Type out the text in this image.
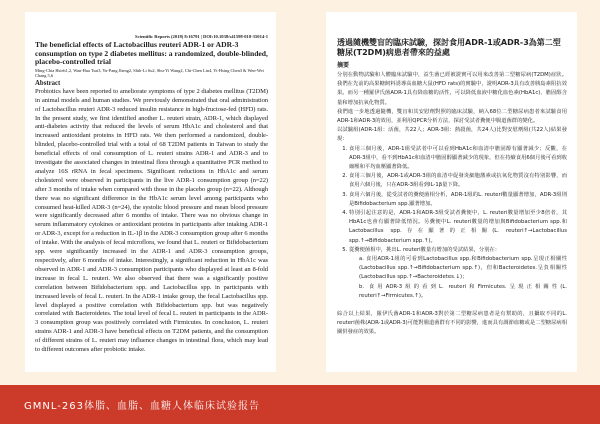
Scientific Reports (2018) 8:16791 | DOI:10.1038/s41598-018-35014-1
The beneficial effects of Lactobacillus reuteri ADR-1 or ADR-3 consumption on type 2 diabetes mellitus: a randomized, double-blinded, placebo-controlled trial
Ming-Chia Hsieh1,2, Wan-Hua Tsai3, Yu-Pang Jheng2, Shih-Li Su2, Shu-Yi Wang2, Chi-Chen Lin4, Yi-Hsing Chen3 & Wen-Wei Chang 5,6
Abstract
Probiotics have been reported to ameliorate symptoms of type 2 diabetes mellitus (T2DM) in animal models and human studies. We previously demonstrated that oral administration of Lactobacillus reuteri ADR-3 reduced insulin resistance in high-fructose-fed (HFD) rats. In the present study, we first identified another L. reuteri strain, ADR-1, which displayed anti-diabetes activity that reduced the levels of serum HbA1c and cholesterol and that increased antioxidant proteins in HFD rats. We then performed a randomized, double-blinded, placebo-controlled trial with a total of 68 T2DM patients in Taiwan to study the beneficial effects of oral consumption of L. reuteri strains ADR-1 and ADR-3 and to investigate the associated changes in intestinal flora through a quantitative PCR method to analyze 16S rRNA in fecal specimens. Significant reductions in HbA1c and serum cholesterol were observed in participants in the live ADR-1 consumption group (n=22) after 3 months of intake when compared with those in the placebo group (n=22). Although there was no significant difference in the HbA1c serum level among participants who consumed heat-killed ADR-3 (n=24), the systolic blood pressure and mean blood pressure were significantly decreased after 6 months of intake. There was no obvious change in serum inflammatory cytokines or antioxidant proteins in participants after intaking ADR-1 or ADR-3, except for a reduction in IL-1β in the ADR-3 consumption group after 6 months of intake. With the analysis of fecal microflora, we found that L. reuteri or Bifidobacterium spp. were significantly increased in the ADR-1 and ADR-3 consumption groups, respectively, after 6 months of intake. Interestingly, a significant reduction in HbA1c was observed in ADR-1 and ADR-3 consumption participants who displayed at least an 8-fold increase in fecal L. reuteri. We also observed that there was a significantly positive correlation between Bifidobacterium spp. and Lactobacillus spp. in participants with increased levels of fecal L. reuteri. In the ADR-1 intake group, the fecal Lactobacillus spp. level displayed a positive correlation with Bifidobacterium spp. but was negatively correlated with Bacteroidetes. The total level of fecal L. reuteri in participants in the ADR-3 consumption group was positively correlated with Firmicutes. In conclusion, L. reuteri strains ADR-1 and ADR-3 have beneficial effects on T2DM patients, and the consumption of different strains of L. reuteri may influence changes in intestinal flora, which may lead to different outcomes after probiotic intake.
透過隨機雙盲的臨床試驗，探討食用ADR-1或ADR-3為第二型糖尿(T2DM)病患者帶來的益處
摘要

分別在動物試驗和人體臨床試驗中，益生菌已經被證實可以用來改善第二型糖尿病(T2DM)症狀。我們在先前的高果糖飼料誘導高血糖大鼠(HFD rats)的實驗中，證明ADR-3具有改善胰島素阻抗效果。而另一種羅伊氏菌ADR-1具有降血糖的活性，可以降低血液中糖化血色素(HbA1c)、膽固醇含量和增加抗氧化物質。

我們進一步地透過隨機，雙盲和其安慰劑對照的臨床試驗，納入68位二型糖尿病患者來試驗食用ADR-1和ADR-3的效用，並利用QPCR分析方法，探討受試者糞便中腸道菌群的變化。

以試驗組(ADR-1組：活菌，共22人；ADR-3組：熱殺菌，共24人)比對安慰劑組(共22人)結果發現：

1. 食用三個月後，ADR-1組受試者中可以看到HbA1c和血清中膽固醇有顯著減少；反觀，在ADR-3組中，看不到HbA1c和血清中膽固醇顯著減少的現象，但在持續食用6個月後可看到收縮壓和平均血壓顯著降低。
2. 食用三個月後，ADR-1或ADR-3組的血清中促發炎細胞激素或抗氧化物質沒有特別影響，而食用六個月後，只在ADR-3組看到IL-1β量下降。
3. 食用六個月後，從受試者的糞便菌相分析，ADR-1組的L. reuteri數量顯著增加，ADR-3組則是Bifidobacterium spp.顯著增加。
4. 特別引起注意的是，ADR-1和ADR-3組受試者糞便中，L. reuteri數量增加至少8倍者，其HbA1c也會有顯著降低情況。另糞便中L. reuteri數量的增加與Bifidobacterium spp.和Lactobacillus spp.存在顯著的正相關(L. reuteri↑→Lactobacillus spp.↑→Bifidobacterium spp.↑)。
5. 從糞便菌相中，挑出L. reuteri數量有增加的受試結果，分別在：
a. 食用ADR-1組的可看到Lactobacillus spp.和Bifidobacterium spp.呈現正相關性(Lactobacillus spp.↑→Bifidobacterium spp.↑)，但和Bacteroidetes.呈負相關性(Lactobacillus spp.↑→Bacteroidetes.↓)；
b. 食用ADR-3組的看到L. reuteri和Firmicutes.呈現正相關性(L. reuteri↑→Firmicutes.↑)。

綜合以上結果，羅伊氏菌ADR-1和ADR-3對於第二型糖尿病患者是有幫助的，且攝取不同的L. reuteri菌株(ADR-1或ADR-3)可能對腸道菌群有不同的影響，進而具有調節血糖或是二型糖尿病相關併發症的效果。

GMNL-263体脂、血脂、血糖人体临床试验报告
